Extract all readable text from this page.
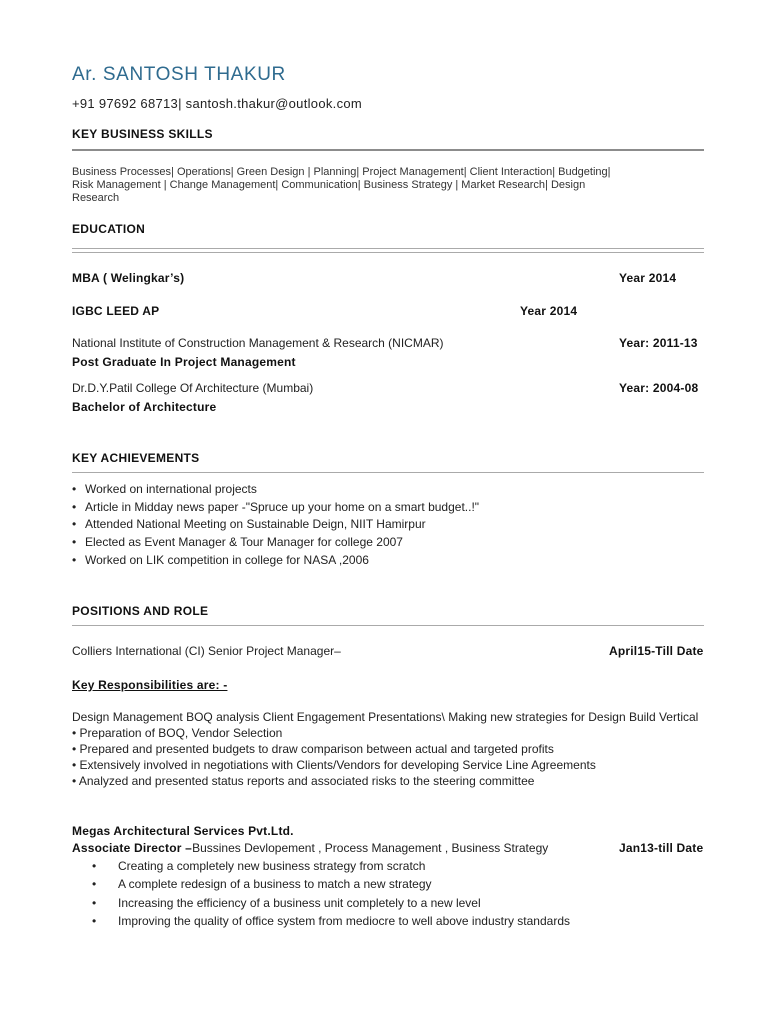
Ar. SANTOSH THAKUR
+91 97692 68713| santosh.thakur@outlook.com
KEY BUSINESS SKILLS
Business Processes| Operations| Green Design | Planning| Project Management| Client Interaction| Budgeting| Risk Management | Change Management| Communication| Business Strategy | Market Research| Design Research
EDUCATION
MBA ( Welingkar’s)	Year 2014
IGBC LEED AP	Year 2014
National Institute of Construction Management & Research (NICMAR)	Year: 2011-13
Post Graduate In Project Management
Dr.D.Y.Patil College Of Architecture (Mumbai)	Year: 2004-08
Bachelor of Architecture
KEY ACHIEVEMENTS
• Worked on international projects
• Article in Midday news paper -"Spruce up your home on a smart budget..!"
• Attended National Meeting on Sustainable Deign, NIIT Hamirpur
• Elected as Event Manager & Tour Manager for college 2007
• Worked on LIK competition in college for NASA ,2006
POSITIONS AND ROLE
Colliers International (CI) Senior Project Manager–	April15-Till Date
Key Responsibilities are: -
Design Management BOQ analysis Client Engagement Presentations\ Making new strategies for Design Build Vertical
• Preparation of BOQ, Vendor Selection
• Prepared and presented budgets to draw comparison between actual and targeted profits
• Extensively involved in negotiations with Clients/Vendors for developing Service Line Agreements
• Analyzed and presented status reports and associated risks to the steering committee
Megas Architectural Services Pvt.Ltd.
Associate Director –Bussines Devlopement , Process Management , Business Strategy	Jan13-till Date
• Creating a completely new business strategy from scratch
• A complete redesign of a business to match a new strategy
• Increasing the efficiency of a business unit completely to a new level
• Improving the quality of office system from mediocre to well above industry standards
